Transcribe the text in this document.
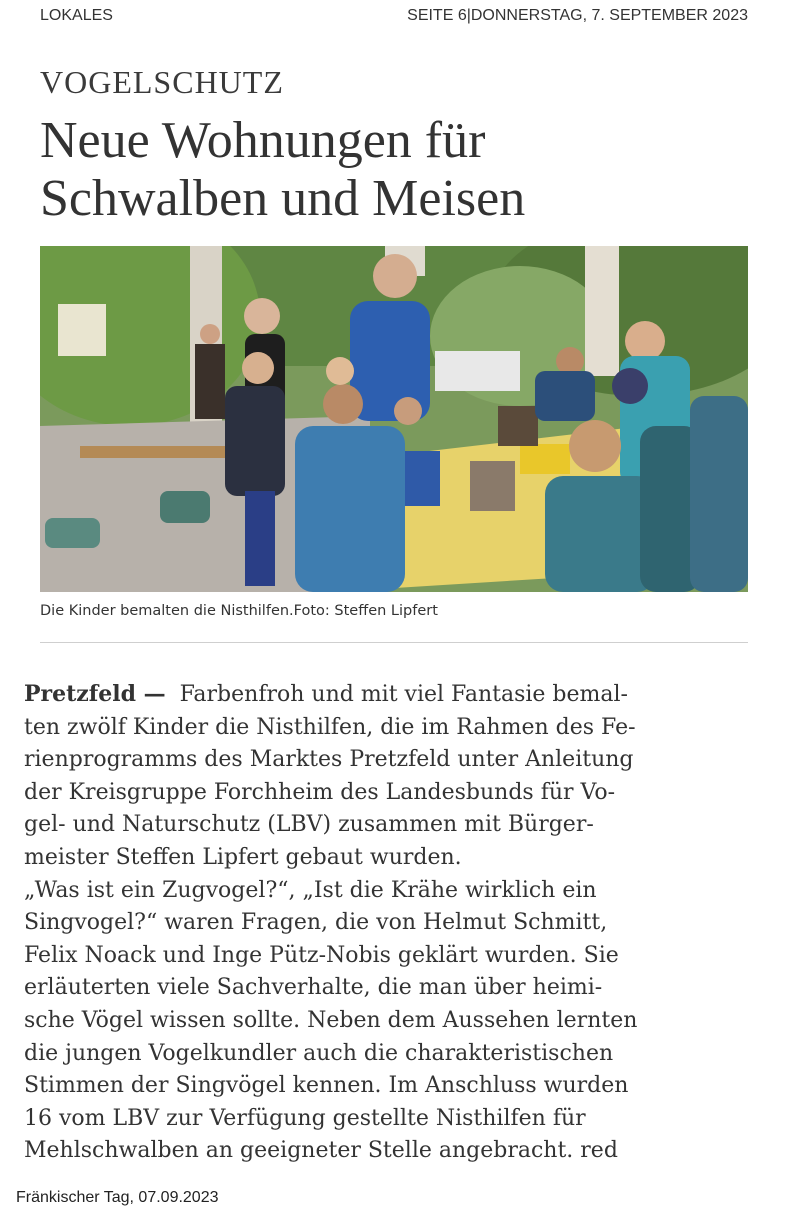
LOKALES	SEITE 6|DONNERSTAG, 7. SEPTEMBER 2023
VOGELSCHUTZ
Neue Wohnungen für
Schwalben und Meisen
Die Kinder bemalten die Nisthilfen.Foto: Steffen Lipfert
Pretzfeld — Farbenfroh und mit viel Fantasie bemal-
ten zwölf Kinder die Nisthilfen, die im Rahmen des Fe-
rienprogramms des Marktes Pretzfeld unter Anleitung
der Kreisgruppe Forchheim des Landesbunds für Vo-
gel- und Naturschutz (LBV) zusammen mit Bürger-
meister Steffen Lipfert gebaut wurden.
„Was ist ein Zugvogel?“, „Ist die Krähe wirklich ein
Singvogel?“ waren Fragen, die von Helmut Schmitt,
Felix Noack und Inge Pütz-Nobis geklärt wurden. Sie
erläuterten viele Sachverhalte, die man über heimi-
sche Vögel wissen sollte. Neben dem Aussehen lernten
die jungen Vogelkundler auch die charakteristischen
Stimmen der Singvögel kennen. Im Anschluss wurden
16 vom LBV zur Verfügung gestellte Nisthilfen für
Mehlschwalben an geeigneter Stelle angebracht. red
Fränkischer Tag, 07.09.2023
